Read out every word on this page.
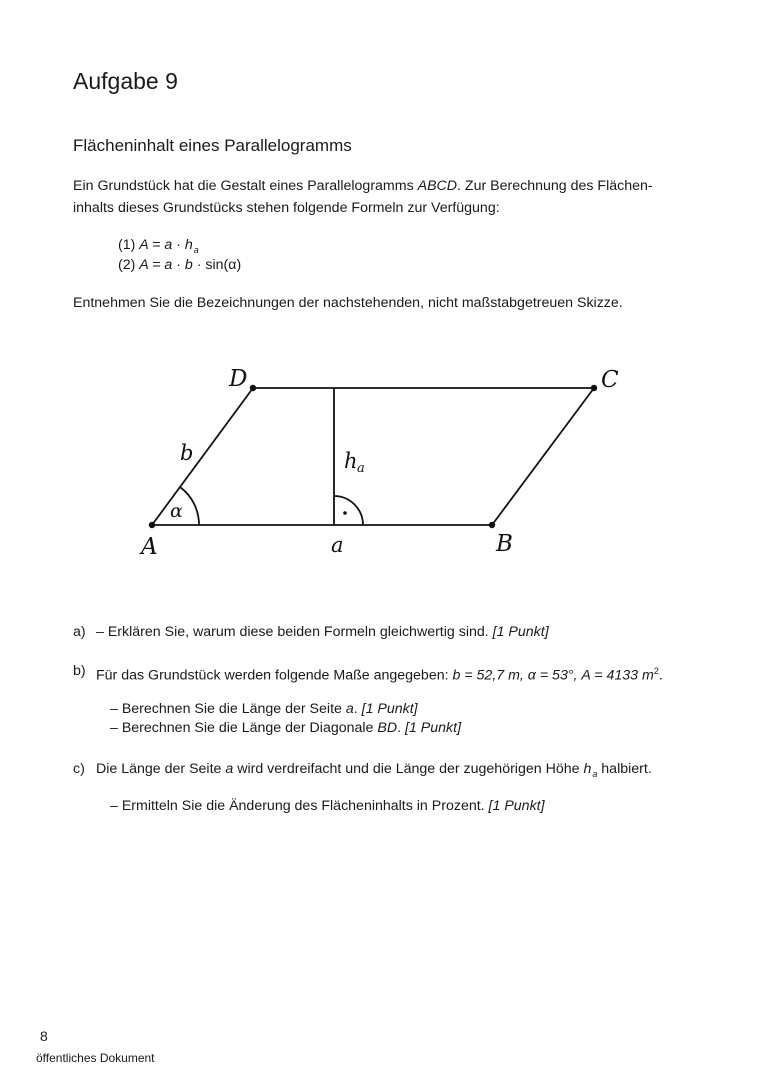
Aufgabe 9
Flächeninhalt eines Parallelogramms
Ein Grundstück hat die Gestalt eines Parallelogramms ABCD. Zur Berechnung des Flächen-
inhalts dieses Grundstücks stehen folgende Formeln zur Verfügung:
(1) $A = a \cdot h_a$
(2) A = a · b · sin(α)
Entnehmen Sie die Bezeichnungen der nachstehenden, nicht maßstabgetreuen Skizze.
A	B
C
D
a
b	h a
α
a) – Erklären Sie, warum diese beiden Formeln gleichwertig sind. [1 Punkt]
b) Für das Grundstück werden folgende Maße angegeben: b = 52,7 m, α = 53°, A = 4133 $m^2$.
– Berechnen Sie die Länge der Seite a. [1 Punkt]
– Berechnen Sie die Länge der Diagonale BD. [1 Punkt]
c) Die Länge der Seite a wird verdreifacht und die Länge der zugehörigen Höhe $h_a$ halbiert.
– Ermitteln Sie die Änderung des Flächeninhalts in Prozent. [1 Punkt]
8
öffentliches Dokument
